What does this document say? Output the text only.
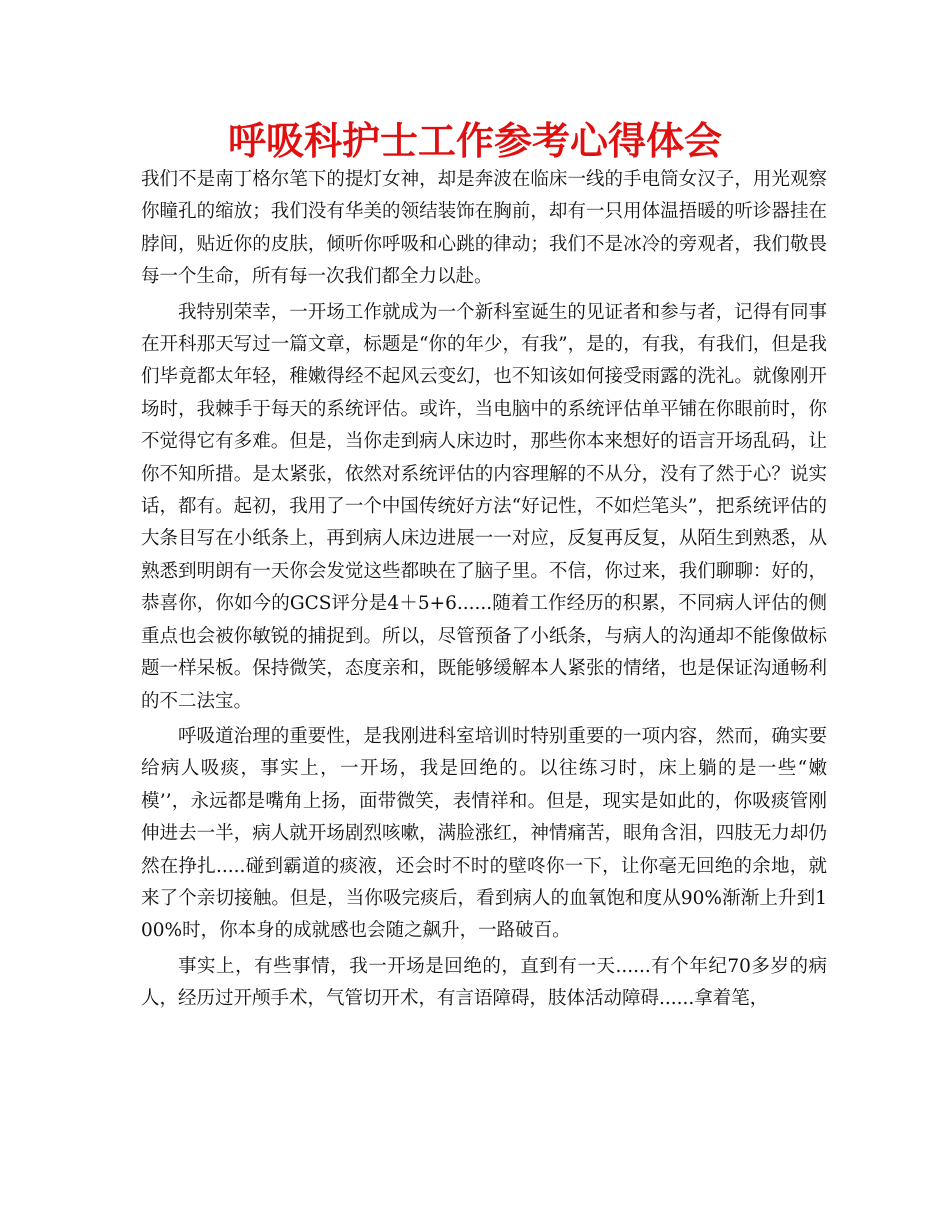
呼吸科护士工作参考心得体会

我们不是南丁格尔笔下的提灯女神，却是奔波在临床一线的手电筒女汉子，用光观察你瞳孔的缩放；我们没有华美的领结装饰在胸前，却有一只用体温捂暖的听诊器挂在脖间，贴近你的皮肤，倾听你呼吸和心跳的律动；我们不是冰冷的旁观者，我们敬畏每一个生命，所有每一次我们都全力以赴。

我特别荣幸，一开场工作就成为一个新科室诞生的见证者和参与者，记得有同事在开科那天写过一篇文章，标题是“你的年少，有我”，是的，有我，有我们，但是我们毕竟都太年轻，稚嫩得经不起风云变幻，也不知该如何接受雨露的洗礼。就像刚开场时，我棘手于每天的系统评估。或许，当电脑中的系统评估单平铺在你眼前时，你不觉得它有多难。但是，当你走到病人床边时，那些你本来想好的语言开场乱码，让你不知所措。是太紧张，依然对系统评估的内容理解的不从分，没有了然于心？说实话，都有。起初，我用了一个中国传统好方法“好记性，不如烂笔头”，把系统评估的大条目写在小纸条上，再到病人床边进展一一对应，反复再反复，从陌生到熟悉，从熟悉到明朗有一天你会发觉这些都映在了脑子里。不信，你过来，我们聊聊：好的，恭喜你，你如今的GCS评分是4＋5+6......随着工作经历的积累，不同病人评估的侧重点也会被你敏锐的捕捉到。所以，尽管预备了小纸条，与病人的沟通却不能像做标题一样呆板。保持微笑，态度亲和，既能够缓解本人紧张的情绪，也是保证沟通畅利的不二法宝。

呼吸道治理的重要性，是我刚进科室培训时特别重要的一项内容，然而，确实要给病人吸痰，事实上，一开场，我是回绝的。以往练习时，床上躺的是一些“嫩模’’，永远都是嘴角上扬，面带微笑，表情祥和。但是，现实是如此的，你吸痰管刚伸进去一半，病人就开场剧烈咳嗽，满脸涨红，神情痛苦，眼角含泪，四肢无力却仍然在挣扎.....碰到霸道的痰液，还会时不时的壁咚你一下，让你毫无回绝的余地，就来了个亲切接触。但是，当你吸完痰后，看到病人的血氧饱和度从90%渐渐上升到100%时，你本身的成就感也会随之飙升，一路破百。

事实上，有些事情，我一开场是回绝的，直到有一天......有个年纪70多岁的病人，经历过开颅手术，气管切开术，有言语障碍，肢体活动障碍......拿着笔，
